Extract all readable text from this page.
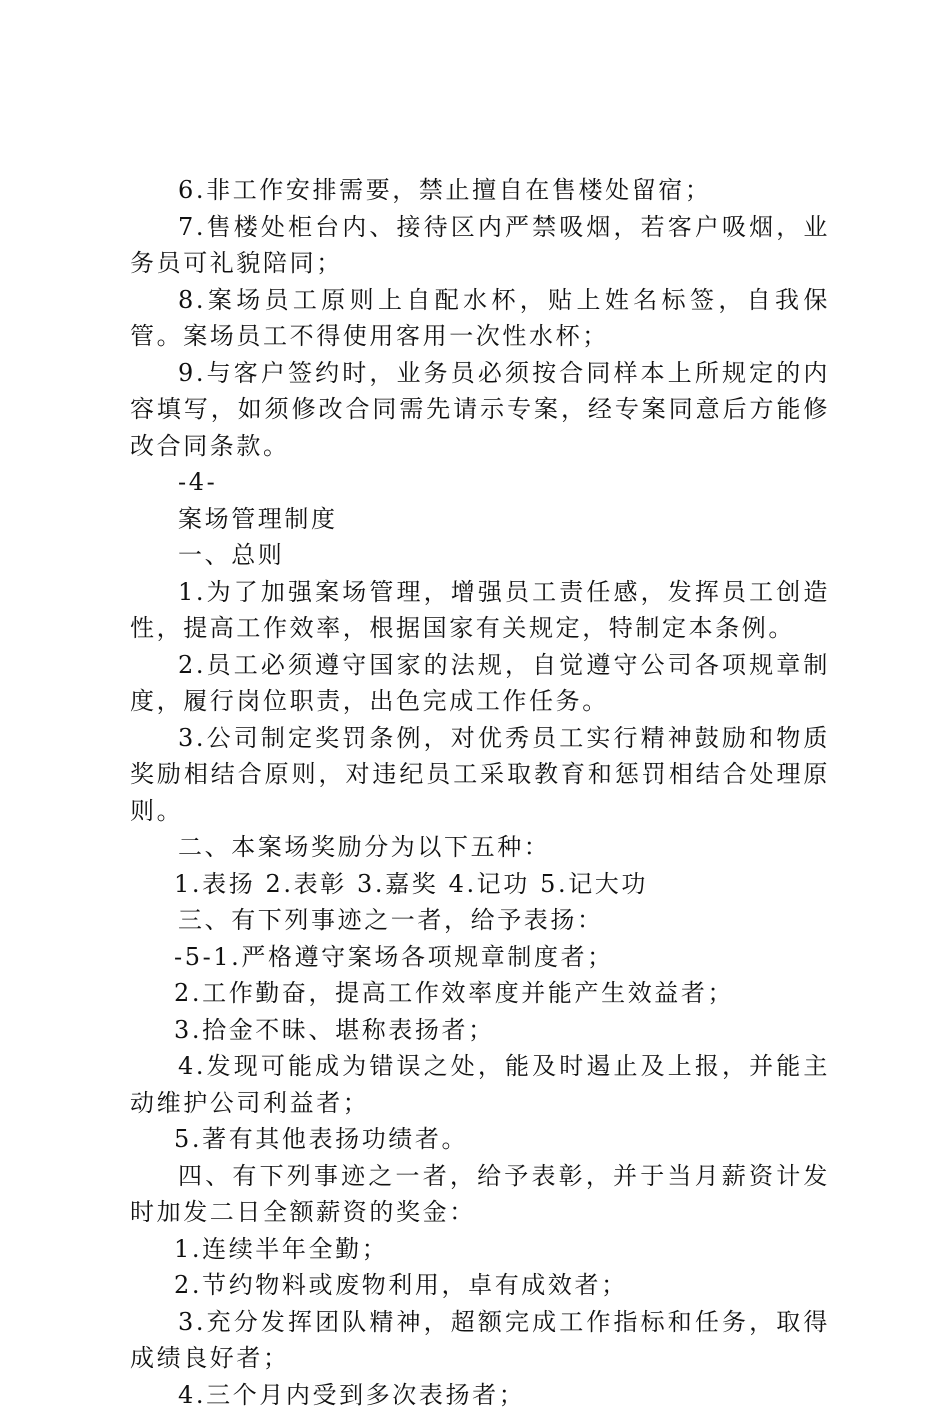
6.非工作安排需要，禁止擅自在售楼处留宿；

7.售楼处柜台内、接待区内严禁吸烟，若客户吸烟，业务员可礼貌陪同；

8.案场员工原则上自配水杯，贴上姓名标签，自我保管。案场员工不得使用客用一次性水杯；

9.与客户签约时，业务员必须按合同样本上所规定的内容填写，如须修改合同需先请示专案，经专案同意后方能修改合同条款。

-4-

案场管理制度

一、总则

1.为了加强案场管理，增强员工责任感，发挥员工创造性，提高工作效率，根据国家有关规定，特制定本条例。

2.员工必须遵守国家的法规，自觉遵守公司各项规章制度，履行岗位职责，出色完成工作任务。

3.公司制定奖罚条例，对优秀员工实行精神鼓励和物质奖励相结合原则，对违纪员工采取教育和惩罚相结合处理原则。

二、本案场奖励分为以下五种：

1.表扬 2.表彰 3.嘉奖 4.记功 5.记大功

三、有下列事迹之一者，给予表扬：

-5-1.严格遵守案场各项规章制度者；

2.工作勤奋，提高工作效率度并能产生效益者；

3.拾金不昧、堪称表扬者；

4.发现可能成为错误之处，能及时遏止及上报，并能主动维护公司利益者；

5.著有其他表扬功绩者。

四、有下列事迹之一者，给予表彰，并于当月薪资计发时加发二日全额薪资的奖金：

1.连续半年全勤；

2.节约物料或废物利用，卓有成效者；

3.充分发挥团队精神，超额完成工作指标和任务，取得成绩良好者；

4.三个月内受到多次表扬者；
